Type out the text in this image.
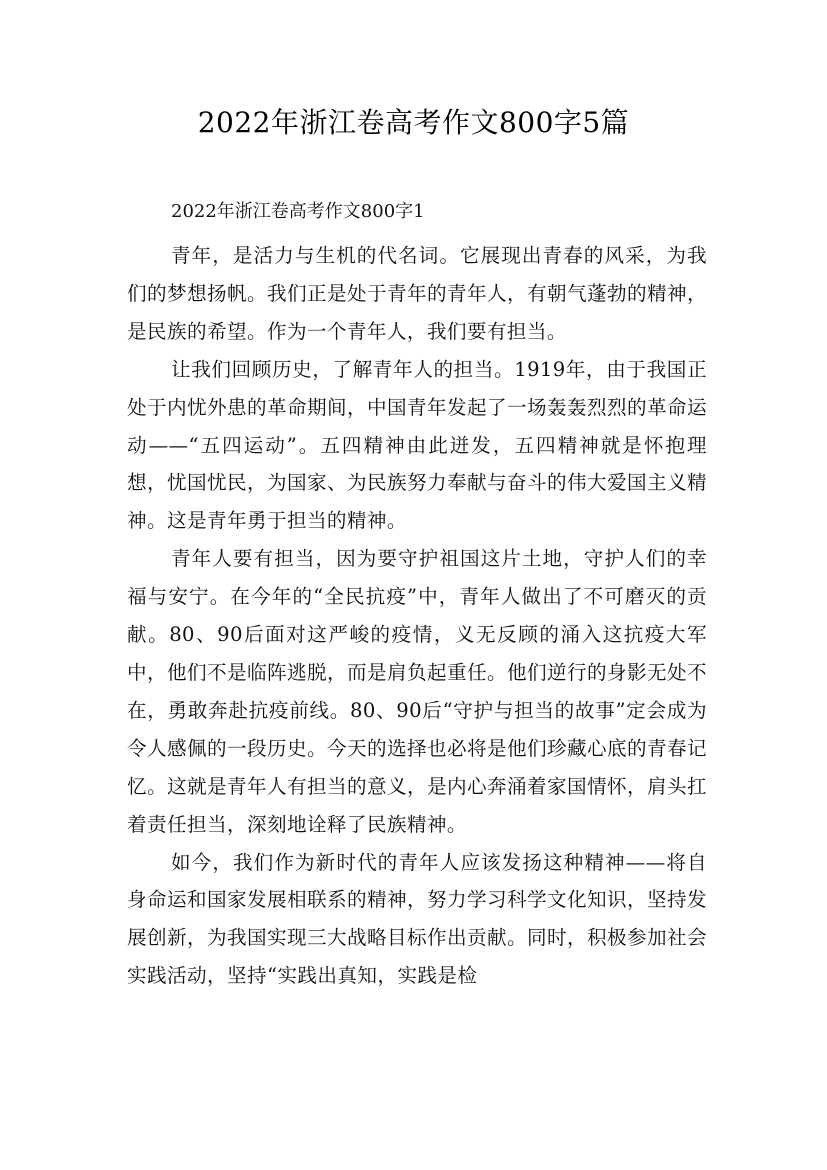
2022年浙江卷高考作文800字5篇

2022年浙江卷高考作文800字1

青年，是活力与生机的代名词。它展现出青春的风采，为我们的梦想扬帆。我们正是处于青年的青年人，有朝气蓬勃的精神，是民族的希望。作为一个青年人，我们要有担当。

让我们回顾历史，了解青年人的担当。1919年，由于我国正处于内忧外患的革命期间，中国青年发起了一场轰轰烈烈的革命运动——“五四运动”。五四精神由此迸发，五四精神就是怀抱理想，忧国忧民，为国家、为民族努力奉献与奋斗的伟大爱国主义精神。这是青年勇于担当的精神。

青年人要有担当，因为要守护祖国这片土地，守护人们的幸福与安宁。在今年的“全民抗疫”中，青年人做出了不可磨灭的贡献。80、90后面对这严峻的疫情，义无反顾的涌入这抗疫大军中，他们不是临阵逃脱，而是肩负起重任。他们逆行的身影无处不在，勇敢奔赴抗疫前线。80、90后“守护与担当的故事”定会成为令人感佩的一段历史。今天的选择也必将是他们珍藏心底的青春记忆。这就是青年人有担当的意义，是内心奔涌着家国情怀，肩头扛着责任担当，深刻地诠释了民族精神。

如今，我们作为新时代的青年人应该发扬这种精神——将自身命运和国家发展相联系的精神，努力学习科学文化知识，坚持发展创新，为我国实现三大战略目标作出贡献。同时，积极参加社会实践活动，坚持“实践出真知，实践是检
